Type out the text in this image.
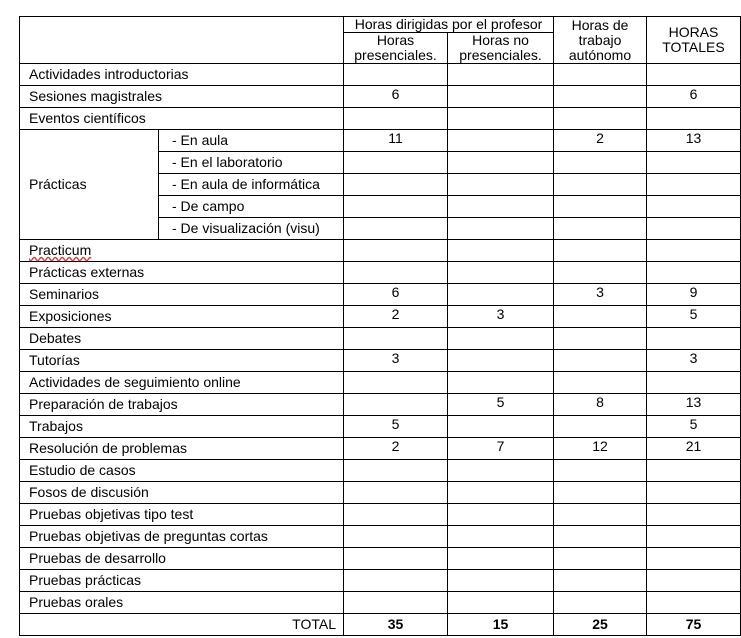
		Horas dirigidas por el profesor		Horas de trabajo autónomo	HORAS TOTALES
		Horas presenciales.	Horas no presenciales.		
Actividades introductorias					
Sesiones magistrales		6			6
Eventos científicos					
Prácticas	- En aula	11		2	13
	- En el laboratorio				
	- En aula de informática				
	- De campo				
	- De visualización (visu)				
Practicum					
Prácticas externas					
Seminarios		6		3	9
Exposiciones		2	3		5
Debates					
Tutorías		3			3
Actividades de seguimiento online					
Preparación de trabajos			5	8	13
Trabajos		5			5
Resolución de problemas		2	7	12	21
Estudio de casos					
Fosos de discusión					
Pruebas objetivas tipo test					
Pruebas objetivas de preguntas cortas					
Pruebas de desarrollo					
Pruebas prácticas					
Pruebas orales					
TOTAL		35	15	25	75
